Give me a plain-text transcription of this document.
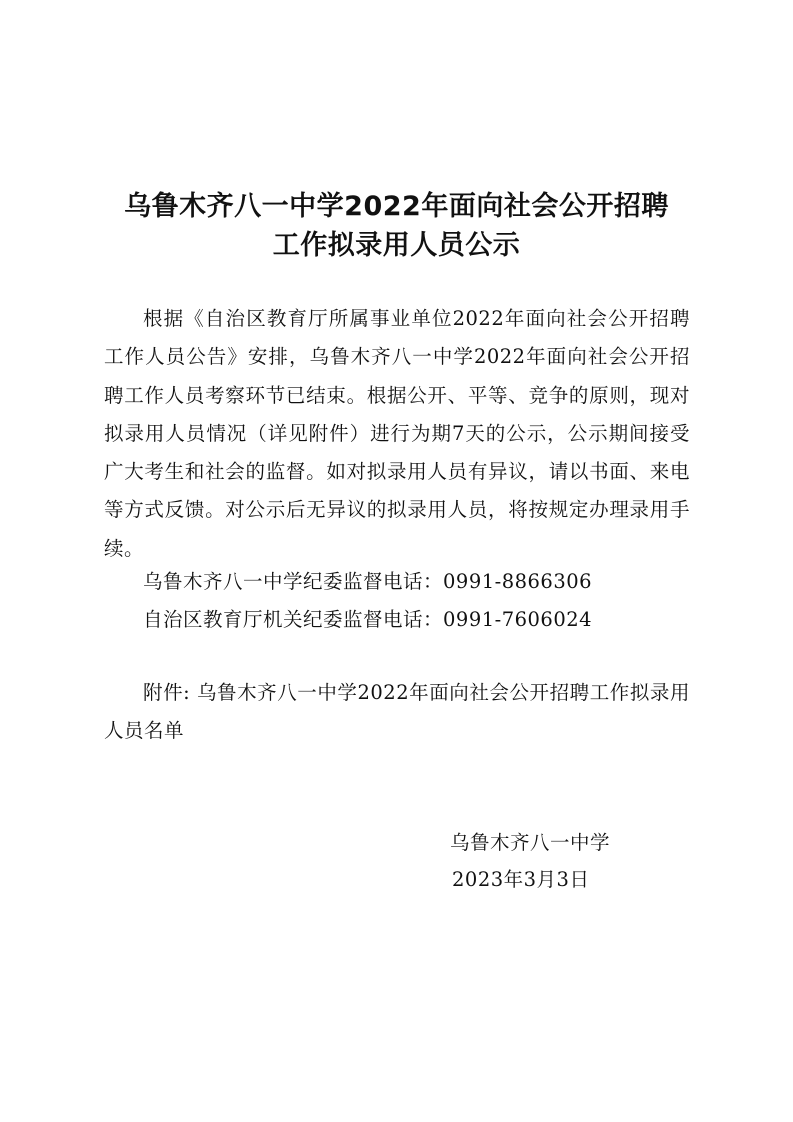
乌鲁木齐八一中学2022年面向社会公开招聘
工作拟录用人员公示
根据《自治区教育厅所属事业单位2022年面向社会公开招聘工作人员公告》安排，乌鲁木齐八一中学2022年面向社会公开招聘工作人员考察环节已结束。根据公开、平等、竞争的原则，现对拟录用人员情况（详见附件）进行为期7天的公示，公示期间接受广大考生和社会的监督。如对拟录用人员有异议，请以书面、来电等方式反馈。对公示后无异议的拟录用人员，将按规定办理录用手续。
乌鲁木齐八一中学纪委监督电话：0991-8866306
自治区教育厅机关纪委监督电话：0991-7606024
附件: 乌鲁木齐八一中学2022年面向社会公开招聘工作拟录用人员名单
乌鲁木齐八一中学
2023年3月3日
